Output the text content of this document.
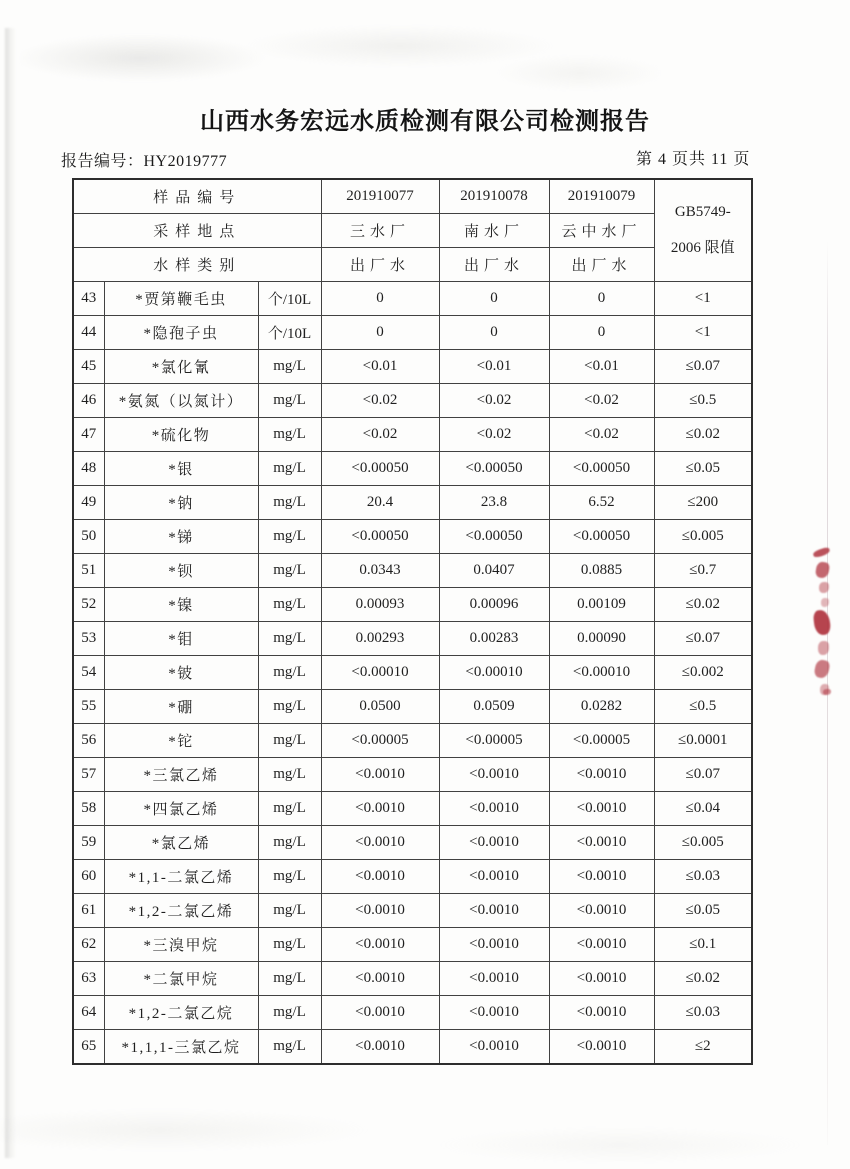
山西水务宏远水质检测有限公司检测报告
报告编号：HY2019777	第 4 页共 11 页
样品编号			201910077	201910078	201910079	GB5749-
2006 限值

采样地点			三水厂	南水厂	云中水厂	
水样类别			出厂水	出厂水	出厂水	
43	*贾第鞭毛虫	个/10L	0	0	0	<1
44	*隐孢子虫	个/10L	0	0	0	<1
45	*氯化氰	mg/L	<0.01	<0.01	<0.01	≤0.07
46	*氨氮（以氮计）	mg/L	<0.02	<0.02	<0.02	≤0.5
47	*硫化物	mg/L	<0.02	<0.02	<0.02	≤0.02
48	*银	mg/L	<0.00050	<0.00050	<0.00050	≤0.05
49	*钠	mg/L	20.4	23.8	6.52	≤200
50	*锑	mg/L	<0.00050	<0.00050	<0.00050	≤0.005
51	*钡	mg/L	0.0343	0.0407	0.0885	≤0.7
52	*镍	mg/L	0.00093	0.00096	0.00109	≤0.02
53	*钼	mg/L	0.00293	0.00283	0.00090	≤0.07
54	*铍	mg/L	<0.00010	<0.00010	<0.00010	≤0.002
55	*硼	mg/L	0.0500	0.0509	0.0282	≤0.5
56	*铊	mg/L	<0.00005	<0.00005	<0.00005	≤0.0001
57	*三氯乙烯	mg/L	<0.0010	<0.0010	<0.0010	≤0.07
58	*四氯乙烯	mg/L	<0.0010	<0.0010	<0.0010	≤0.04
59	*氯乙烯	mg/L	<0.0010	<0.0010	<0.0010	≤0.005
60	*1,1-二氯乙烯	mg/L	<0.0010	<0.0010	<0.0010	≤0.03
61	*1,2-二氯乙烯	mg/L	<0.0010	<0.0010	<0.0010	≤0.05
62	*三溴甲烷	mg/L	<0.0010	<0.0010	<0.0010	≤0.1
63	*二氯甲烷	mg/L	<0.0010	<0.0010	<0.0010	≤0.02
64	*1,2-二氯乙烷	mg/L	<0.0010	<0.0010	<0.0010	≤0.03
65	*1,1,1-三氯乙烷	mg/L	<0.0010	<0.0010	<0.0010	≤2
